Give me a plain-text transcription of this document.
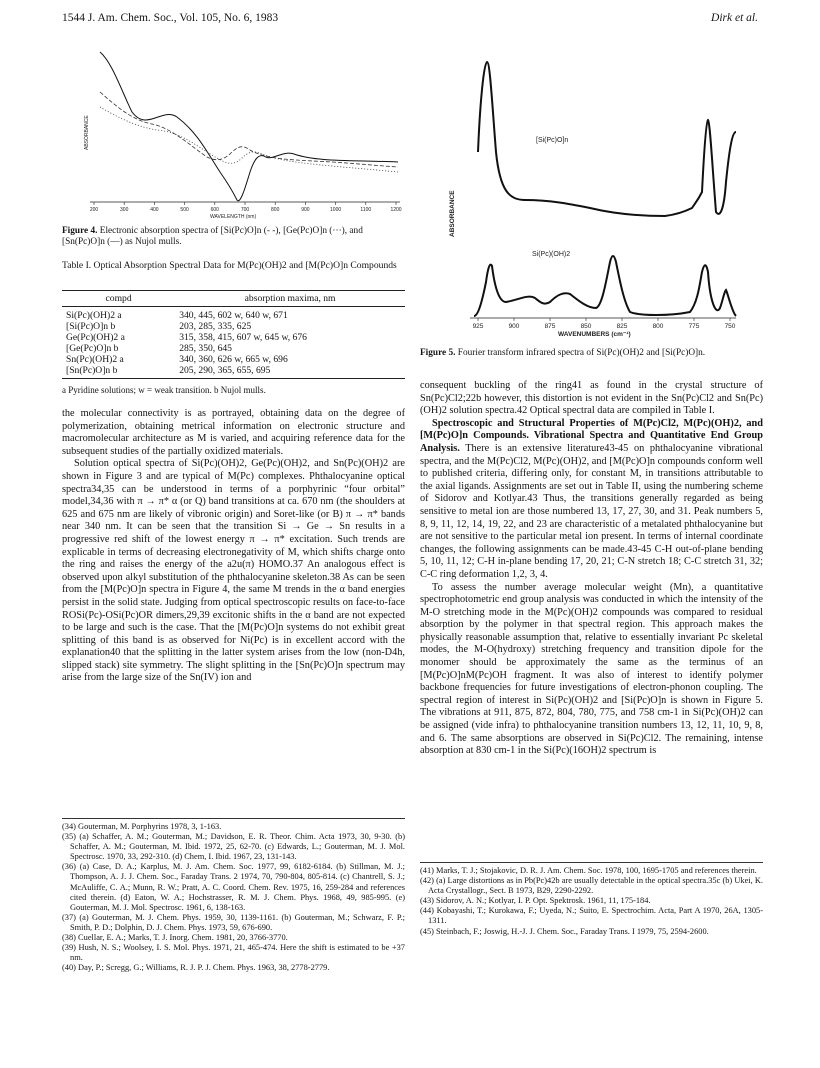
1544 J. Am. Chem. Soc., Vol. 105, No. 6, 1983	Dirk et al.
ABSORBANCE
200	300	400	500	600	700	800	900	1000	1100	1200
WAVELENGTH (nm)
Figure 4. Electronic absorption spectra of [Si(Pc)O]n (- -), [Ge(Pc)O]n (···), and [Sn(Pc)O]n (—) as Nujol mulls.
Table I. Optical Absorption Spectral Data for M(Pc)(OH)2 and [M(Pc)O]n Compounds
compd	absorption maxima, nm
Si(Pc)(OH)2 a	340, 445, 602 w, 640 w, 671
[Si(Pc)O]n b	203, 285, 335, 625
Ge(Pc)(OH)2 a	315, 358, 415, 607 w, 645 w, 676
[Ge(Pc)O]n b	285, 350, 645
Sn(Pc)(OH)2 a	340, 360, 626 w, 665 w, 696
[Sn(Pc)O]n b	205, 290, 365, 655, 695
a Pyridine solutions; w = weak transition. b Nujol mulls.

the molecular connectivity is as portrayed, obtaining data on the degree of polymerization, obtaining metrical information on electronic structure and macromolecular architecture as M is varied, and acquiring reference data for the subsequent studies of the partially oxidized materials.

Solution optical spectra of Si(Pc)(OH)2, Ge(Pc)(OH)2, and Sn(Pc)(OH)2 are shown in Figure 3 and are typical of M(Pc) complexes. Phthalocyanine optical spectra34,35 can be understood in terms of a porphyrinic “four orbital” model,34,36 with π → π* α (or Q) band transitions at ca. 670 nm (the shoulders at 625 and 675 nm are likely of vibronic origin) and Soret-like (or B) π → π* bands near 340 nm. It can be seen that the transition Si → Ge → Sn results in a progressive red shift of the lowest energy π → π* excitation. Such trends are explicable in terms of decreasing electronegativity of M, which shifts charge onto the ring and raises the energy of the a2u(π) HOMO.37 An analogous effect is observed upon alkyl substitution of the phthalocyanine skeleton.38 As can be seen from the [M(Pc)O]n spectra in Figure 4, the same M trends in the α band energies persist in the solid state. Judging from optical spectroscopic results on face-to-face ROSi(Pc)-OSi(Pc)OR dimers,29,39 excitonic shifts in the α band are not expected to be large and such is the case. That the [M(Pc)O]n systems do not exhibit great splitting of this band is as observed for Ni(Pc) is in excellent accord with the explanation40 that the splitting in the latter system arises from the low (non-D4h, slipped stack) site symmetry. The slight splitting in the [Sn(Pc)O]n spectrum may arise from the large size of the Sn(IV) ion and

(34) Gouterman, M. Porphyrins 1978, 3, 1-163.
(35) (a) Schaffer, A. M.; Gouterman, M.; Davidson, E. R. Theor. Chim. Acta 1973, 30, 9-30. (b) Schaffer, A. M.; Gouterman, M. Ibid. 1972, 25, 62-70. (c) Edwards, L.; Gouterman, M. J. Mol. Spectrosc. 1970, 33, 292-310. (d) Chem, I. Ibid. 1967, 23, 131-143.
(36) (a) Case, D. A.; Karplus, M. J. Am. Chem. Soc. 1977, 99, 6182-6184. (b) Stillman, M. J.; Thompson, A. J. J. Chem. Soc., Faraday Trans. 2 1974, 70, 790-804, 805-814. (c) Chantrell, S. J.; McAuliffe, C. A.; Munn, R. W.; Pratt, A. C. Coord. Chem. Rev. 1975, 16, 259-284 and references cited therein. (d) Eaton, W. A.; Hochstrasser, R. M. J. Chem. Phys. 1968, 49, 985-995. (e) Gouterman, M. J. Mol. Spectrosc. 1961, 6, 138-163.
(37) (a) Gouterman, M. J. Chem. Phys. 1959, 30, 1139-1161. (b) Gouterman, M.; Schwarz, F. P.; Smith, P. D.; Dolphin, D. J. Chem. Phys. 1973, 59, 676-690.
(38) Cuellar, E. A.; Marks, T. J. Inorg. Chem. 1981, 20, 3766-3770.
(39) Hush, N. S.; Woolsey, I. S. Mol. Phys. 1971, 21, 465-474. Here the shift is estimated to be +37 nm.
(40) Day, P.; Scregg, G.; Williams, R. J. P. J. Chem. Phys. 1963, 38, 2778-2779.
ABSORBANCE
925	900	875	850	825	800	775	750
WAVENUMBERS (cm⁻¹)
[Si(Pc)O]n
Si(Pc)(OH)2
Figure 5. Fourier transform infrared spectra of Si(Pc)(OH)2 and [Si(Pc)O]n.

consequent buckling of the ring41 as found in the crystal structure of Sn(Pc)Cl2;22b however, this distortion is not evident in the Sn(Pc)Cl2 and Sn(Pc)(OH)2 solution spectra.42 Optical spectral data are compiled in Table I.

Spectroscopic and Structural Properties of M(Pc)Cl2, M(Pc)(OH)2, and [M(Pc)O]n Compounds. Vibrational Spectra and Quantitative End Group Analysis. There is an extensive literature43-45 on phthalocyanine vibrational spectra, and the M(Pc)Cl2, M(Pc)(OH)2, and [M(Pc)O]n compounds conform well to published criteria, differing only, for constant M, in transitions attributable to the axial ligands. Assignments are set out in Table II, using the numbering scheme of Sidorov and Kotlyar.43 Thus, the transitions generally regarded as being sensitive to metal ion are those numbered 13, 17, 27, 30, and 31. Peak numbers 5, 8, 9, 11, 12, 14, 19, 22, and 23 are characteristic of a metalated phthalocyanine but are not sensitive to the particular metal ion present. In terms of internal coordinate changes, the following assignments can be made.43-45 C-H out-of-plane bending 5, 10, 11, 12; C-H in-plane bending 17, 20, 21; C-N stretch 18; C-C stretch 31, 32; C-C ring deformation 1,2, 3, 4.

To assess the number average molecular weight (Mn), a quantitative spectrophotometric end group analysis was conducted in which the intensity of the M-O stretching mode in the M(Pc)(OH)2 compounds was compared to residual absorption by the polymer in that spectral region. This approach makes the physically reasonable assumption that, relative to essentially invariant Pc skeletal modes, the M-O(hydroxy) stretching frequency and transition dipole for the monomer should be approximately the same as the terminus of an [M(Pc)O]nM(Pc)OH fragment. It was also of interest to identify polymer backbone frequencies for future investigations of electron-phonon coupling. The spectral region of interest in Si(Pc)(OH)2 and [Si(Pc)O]n is shown in Figure 5. The vibrations at 911, 875, 872, 804, 780, 775, and 758 cm-1 in Si(Pc)(OH)2 can be assigned (vide infra) to phthalocyanine transition numbers 13, 12, 11, 10, 9, 8, and 6. The same absorptions are observed in Si(Pc)Cl2. The remaining, intense absorption at 830 cm-1 in the Si(Pc)(16OH)2 spectrum is

(41) Marks, T. J.; Stojakovic, D. R. J. Am. Chem. Soc. 1978, 100, 1695-1705 and references therein.
(42) (a) Large distortions as in Pb(Pc)42b are usually detectable in the optical spectra.35c (b) Ukei, K. Acta Crystallogr., Sect. B 1973, B29, 2290-2292.
(43) Sidorov, A. N.; Kotlyar, I. P. Opt. Spektrosk. 1961, 11, 175-184.
(44) Kobayashi, T.; Kurokawa, F.; Uyeda, N.; Suito, E. Spectrochim. Acta, Part A 1970, 26A, 1305-1311.
(45) Steinbach, F.; Joswig, H.-J. J. Chem. Soc., Faraday Trans. I 1979, 75, 2594-2600.
